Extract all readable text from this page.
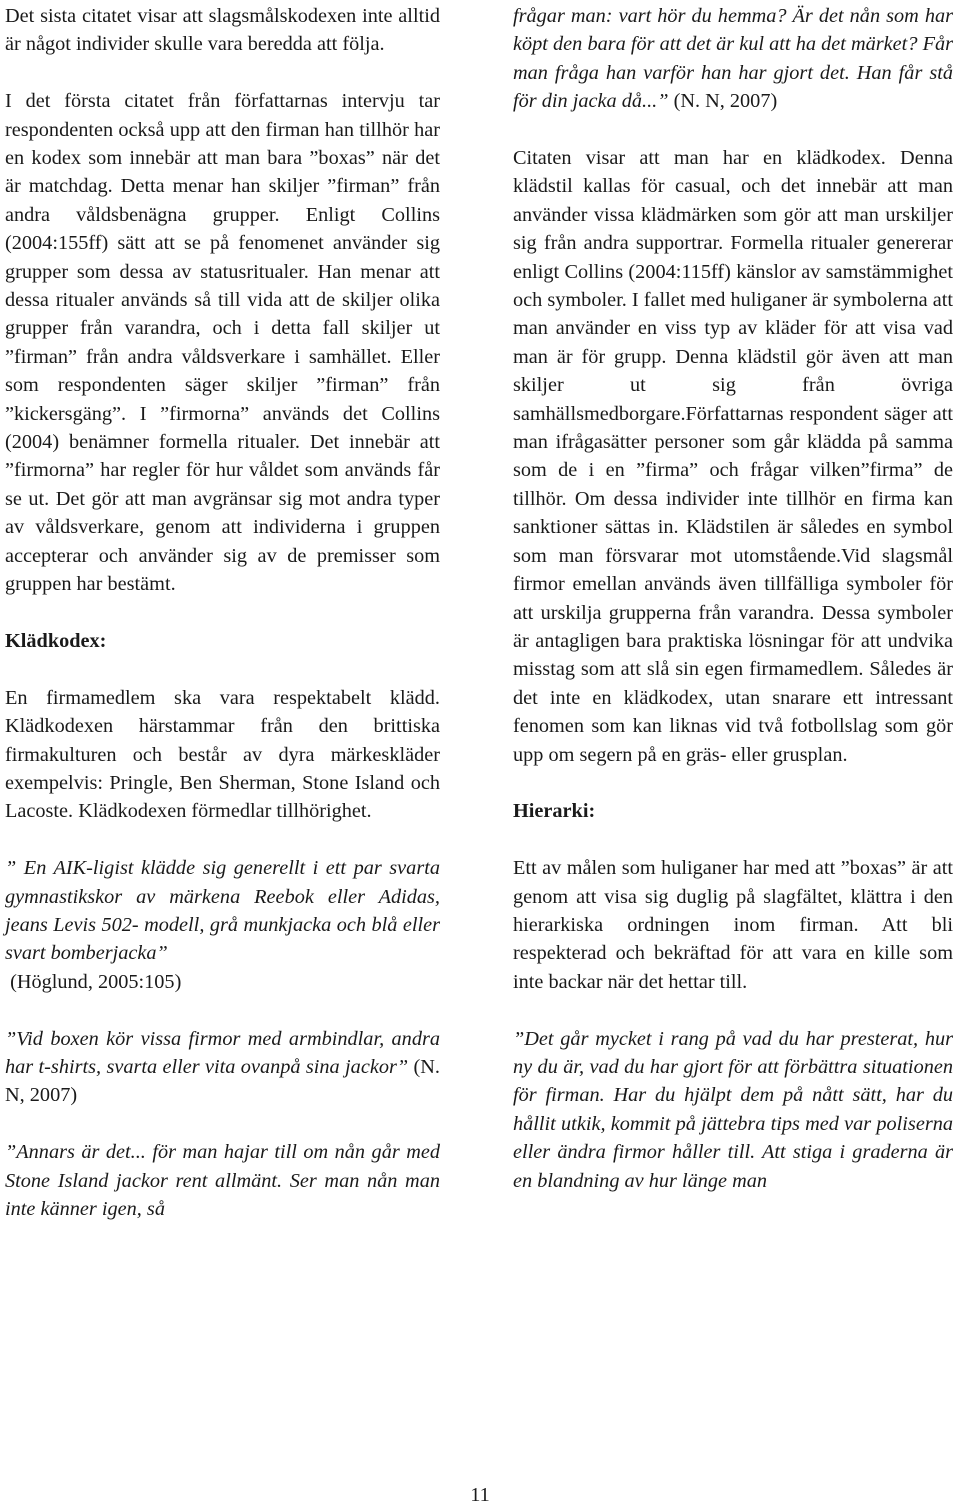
Det sista citatet visar att slagsmålskodexen inte alltid är något individer skulle vara beredda att följa.

I det första citatet från författarnas intervju tar respondenten också upp att den firman han tillhör har en kodex som innebär att man bara ”boxas” när det är matchdag. Detta menar han skiljer ”firman” från andra våldsbenägna grupper. Enligt Collins (2004:155ff) sätt att se på fenomenet använder sig grupper som dessa av statusritualer. Han menar att dessa ritualer används så till vida att de skiljer olika grupper från varandra, och i detta fall skiljer ut ”firman” från andra våldsverkare i samhället. Eller som respondenten säger skiljer ”firman” från ”kickersgäng”. I ”firmorna” används det Collins (2004) benämner formella ritualer. Det innebär att ”firmorna” har regler för hur våldet som används får se ut. Det gör att man avgränsar sig mot andra typer av våldsverkare, genom att individerna i gruppen accepterar och använder sig av de premisser som gruppen har bestämt.

Klädkodex:

En firmamedlem ska vara respektabelt klädd. Klädkodexen härstammar från den brittiska firmakulturen och består av dyra märkeskläder exempelvis: Pringle, Ben Sherman, Stone Island och Lacoste. Klädkodexen förmedlar tillhörighet.

” En AIK-ligist klädde sig generellt i ett par svarta gymnastikskor av märkena Reebok eller Adidas, jeans Levis 502- modell, grå munkjacka och blå eller svart bomberjacka”
(Höglund, 2005:105)

”Vid boxen kör vissa firmor med armbindlar, andra har t-shirts, svarta eller vita ovanpå sina jackor” (N. N, 2007)

”Annars är det... för man hajar till om nån går med Stone Island jackor rent allmänt. Ser man nån man inte känner igen, så

frågar man: vart hör du hemma? Är det nån som har köpt den bara för att det är kul att ha det märket? Får man fråga han varför han har gjort det. Han får stå för din jacka då...” (N. N, 2007)

Citaten visar att man har en klädkodex. Denna klädstil kallas för casual, och det innebär att man använder vissa klädmärken som gör att man urskiljer sig från andra supportrar. Formella ritualer genererar enligt Collins (2004:115ff) känslor av samstämmighet och symboler. I fallet med huliganer är symbolerna att man använder en viss typ av kläder för att visa vad man är för grupp. Denna klädstil gör även att man skiljer ut sig från övriga samhällsmedborgare.Författarnas respondent säger att man ifrågasätter personer som går klädda på samma som de i en ”firma” och frågar vilken”firma” de tillhör. Om dessa individer inte tillhör en firma kan sanktioner sättas in. Klädstilen är således en symbol som man försvarar mot utomstående.Vid slagsmål firmor emellan används även tillfälliga symboler för att urskilja grupperna från varandra. Dessa symboler är antagligen bara praktiska lösningar för att undvika misstag som att slå sin egen firmamedlem. Således är det inte en klädkodex, utan snarare ett intressant fenomen som kan liknas vid två fotbollslag som gör upp om segern på en gräs- eller grusplan.

Hierarki:

Ett av målen som huliganer har med att ”boxas” är att genom att visa sig duglig på slagfältet, klättra i den hierarkiska ordningen inom firman. Att bli respekterad och bekräftad för att vara en kille som inte backar när det hettar till.

”Det går mycket i rang på vad du har presterat, hur ny du är, vad du har gjort för att förbättra situationen för firman. Har du hjälpt dem på nått sätt, har du hållit utkik, kommit på jättebra tips med var poliserna eller ändra firmor håller till. Att stiga i graderna är en blandning av hur länge man

11
